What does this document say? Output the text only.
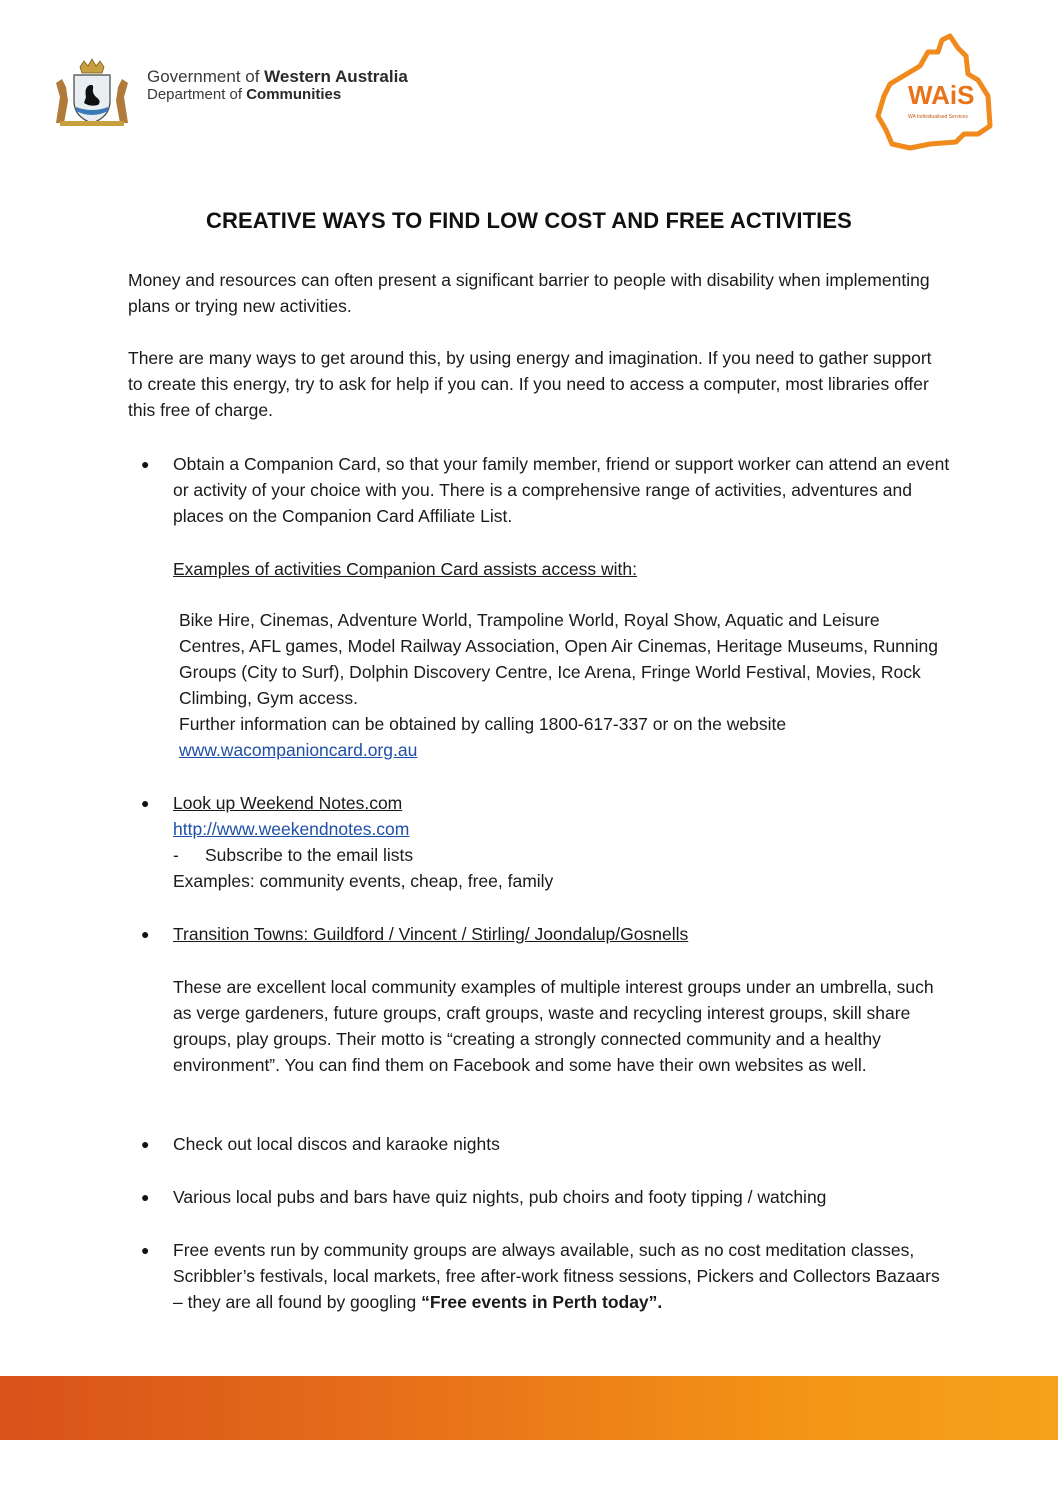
Government of Western Australia
Department of Communities	WAiS
WA Individualised Services
CREATIVE WAYS TO FIND LOW COST AND FREE ACTIVITIES
Money and resources can often present a significant barrier to people with disability when implementing plans or trying new activities.
There are many ways to get around this, by using energy and imagination. If you need to gather support to create this energy, try to ask for help if you can. If you need to access a computer, most libraries offer this free of charge.
● Obtain a Companion Card, so that your family member, friend or support worker can attend an event or activity of your choice with you. There is a comprehensive range of activities, adventures and places on the Companion Card Affiliate List.
Examples of activities Companion Card assists access with:
Bike Hire, Cinemas, Adventure World, Trampoline World, Royal Show, Aquatic and Leisure Centres, AFL games, Model Railway Association, Open Air Cinemas, Heritage Museums, Running Groups (City to Surf), Dolphin Discovery Centre, Ice Arena, Fringe World Festival, Movies, Rock Climbing, Gym access.
Further information can be obtained by calling 1800-617-337 or on the website
www.wacompanioncard.org.au
● Look up Weekend Notes.com
http://www.weekendnotes.com
- Subscribe to the email lists
Examples: community events, cheap, free, family
● Transition Towns: Guildford / Vincent / Stirling/ Joondalup/Gosnells
These are excellent local community examples of multiple interest groups under an umbrella, such as verge gardeners, future groups, craft groups, waste and recycling interest groups, skill share groups, play groups. Their motto is “creating a strongly connected community and a healthy environment”. You can find them on Facebook and some have their own websites as well.
● Check out local discos and karaoke nights
● Various local pubs and bars have quiz nights, pub choirs and footy tipping / watching
● Free events run by community groups are always available, such as no cost meditation classes, Scribbler’s festivals, local markets, free after-work fitness sessions, Pickers and Collectors Bazaars – they are all found by googling “Free events in Perth today”.
